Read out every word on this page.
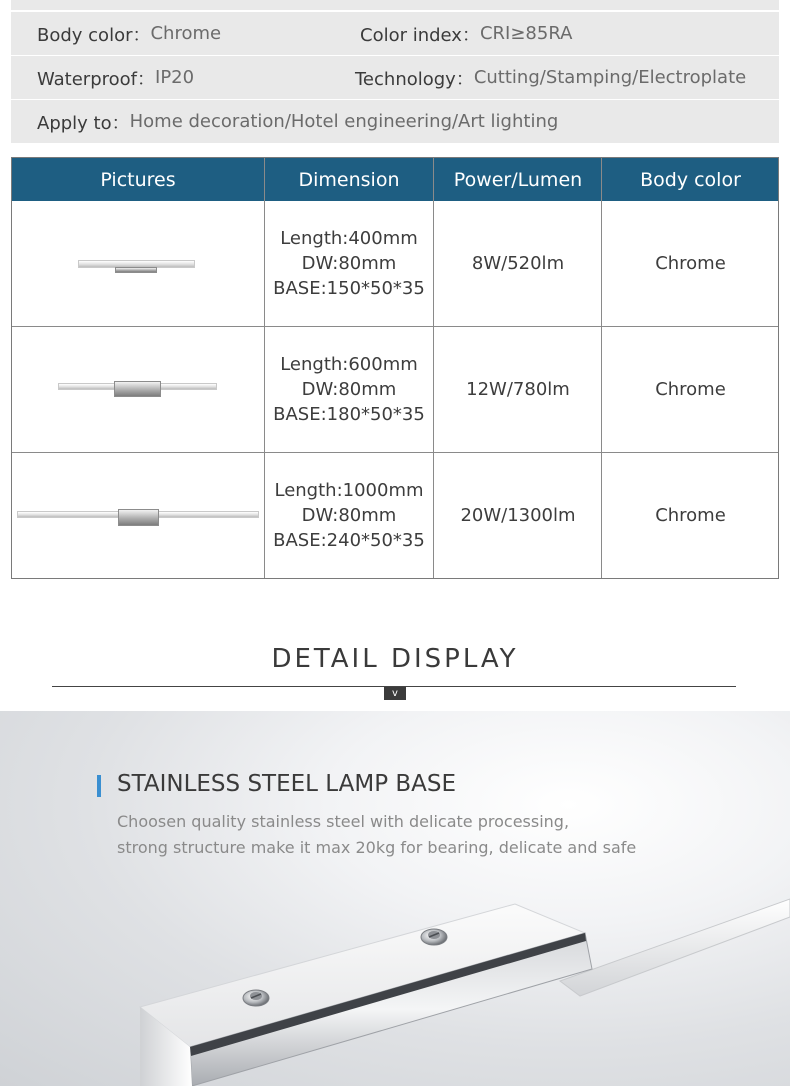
Body color： Chrome	Color index： CRI≥85RA
Waterproof： IP20	Technology： Cutting/Stamping/Electroplate
Apply to： Home decoration/Hotel engineering/Art lighting
Pictures	Dimension	Power/Lumen	Body color
Length:400mm
DW:80mm
BASE:150*50*35
8W/520lm	Chrome
Length:600mm
DW:80mm
BASE:180*50*35
12W/780lm	Chrome
Length:1000mm
DW:80mm
BASE:240*50*35
20W/1300lm	Chrome
DETAIL DISPLAY
v
STAINLESS STEEL LAMP BASE
Choosen quality stainless steel with delicate processing,
strong structure make it max 20kg for bearing, delicate and safe
